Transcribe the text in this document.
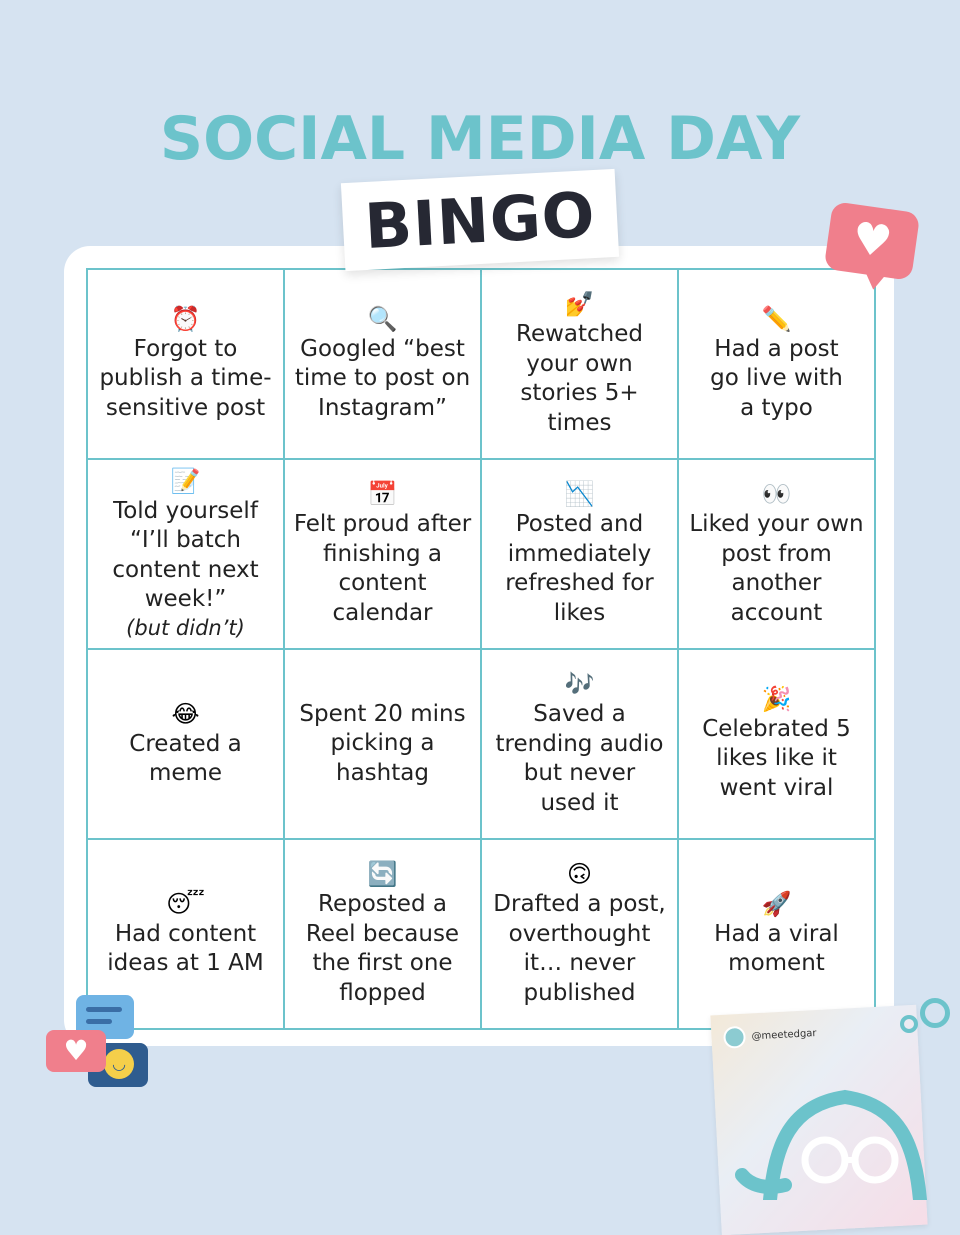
SOCIAL MEDIA DAY
BINGO	♥
⏰
Forgot to
publish a time-
sensitive post
🔍
Googled “best
time to post on
Instagram”
💅
Rewatched
your own
stories 5+ times
✏️
Had a post
go live with
a typo
📝
Told yourself
“I’ll batch
content next
week!”
(but didn’t)
📅
Felt proud after
finishing a
content
calendar
📉
Posted and
immediately
refreshed for
likes
👀
Liked your own
post from
another
account
😂
Created a
meme
Spent 20 mins
picking a
hashtag
🎶
Saved a
trending audio
but never
used it
🎉
Celebrated 5
likes like it
went viral
😴
Had content
ideas at 1 AM
🔄
Reposted a
Reel because
the first one
flopped
🙃
Drafted a post,
overthought
it… never
published
🚀
Had a viral
moment
◡
♥	@meetedgar
